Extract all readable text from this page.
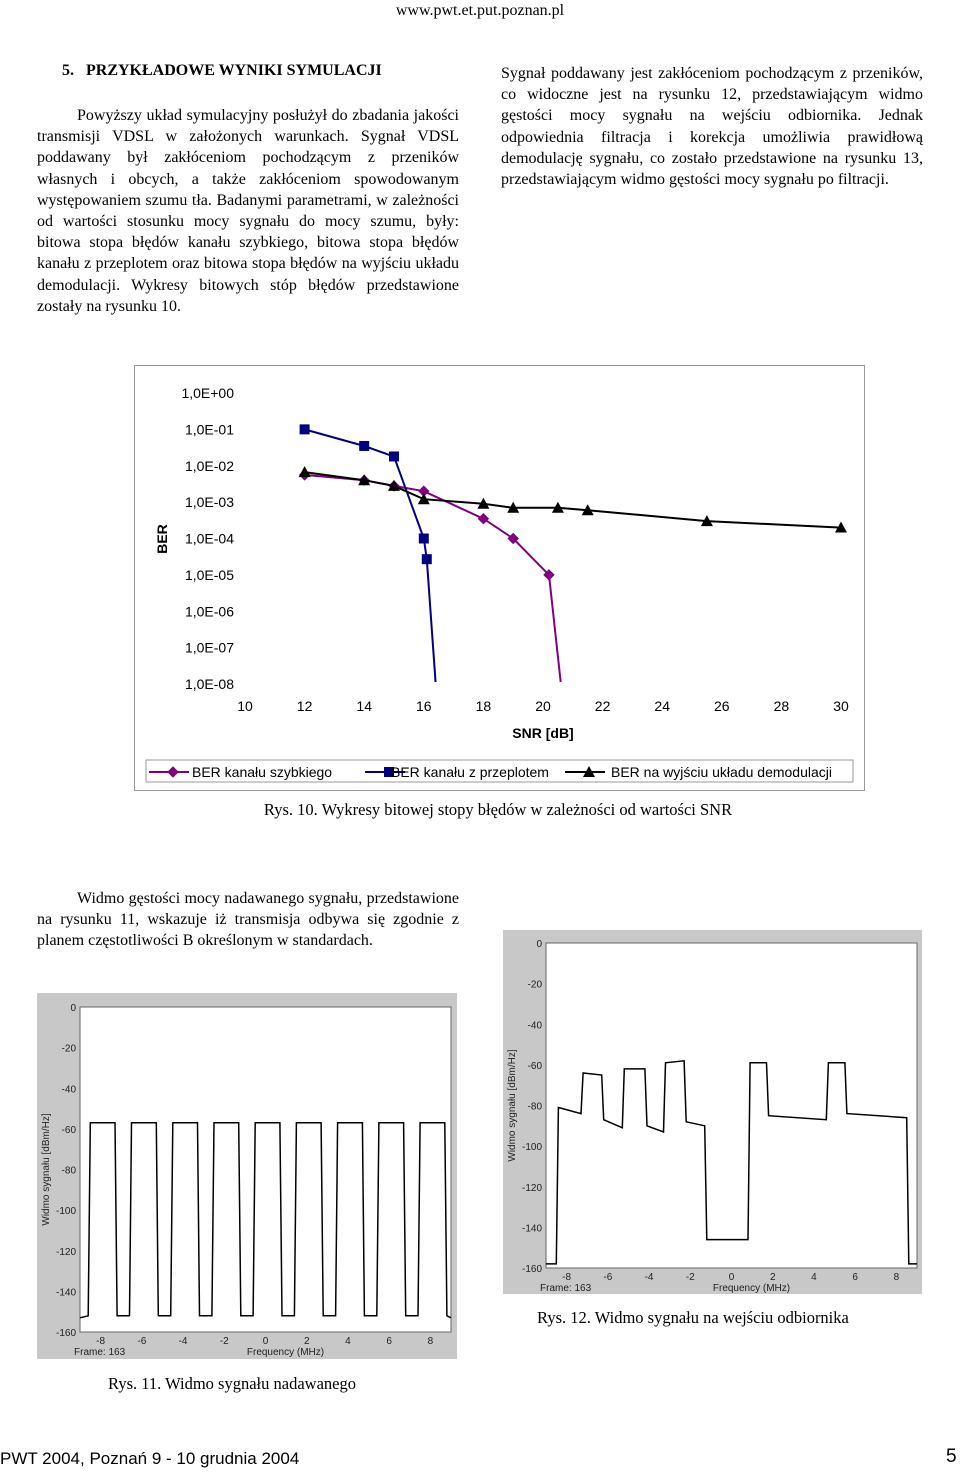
www.pwt.et.put.poznan.pl
5.   PRZYKŁADOWE WYNIKI SYMULACJI
Powyższy układ symulacyjny posłużył do zbadania jakości transmisji VDSL w założonych warunkach. Sygnał VDSL poddawany był zakłóceniom pochodzącym z przeników własnych i obcych, a także zakłóceniom spowodowanym występowaniem szumu tła. Badanymi parametrami, w zależności od wartości stosunku mocy sygnału do mocy szumu, były: bitowa stopa błędów kanału szybkiego, bitowa stopa błędów kanału z przeplotem oraz bitowa stopa błędów na wyjściu układu demodulacji. Wykresy bitowych stóp błędów przedstawione zostały na rysunku 10.
Sygnał poddawany jest zakłóceniom pochodzącym z przeników, co widoczne jest na rysunku 12, przedstawiającym widmo gęstości mocy sygnału na wejściu odbiornika. Jednak odpowiednia filtracja i korekcja umożliwia prawidłową demodulację sygnału, co zostało przedstawione na rysunku 13, przedstawiającym widmo gęstości mocy sygnału po filtracji.
1,0E+00
1,0E-01
1,0E-02
1,0E-03
1,0E-04
1,0E-05
1,0E-06
1,0E-07
1,0E-08
10	12	14	16	18	20	22	24	26	28	30
SNR [dB]
BER
BER kanału szybkiego	BER kanału z przeplotem	BER na wyjściu układu demodulacji
Rys. 10. Wykresy bitowej stopy błędów w zależności od wartości SNR
Widmo gęstości mocy nadawanego sygnału, przedstawione na rysunku 11, wskazuje iż transmisja odbywa się zgodnie z planem częstotliwości B określonym w standardach.
0
-20
-40
-60
-80
-100
-120
-140
-160
-8	-6	-4	-2	0	2	4	6	8
Frequency (MHz)
Frame: 163
Widmo sygnału [dBm/Hz]
Rys. 11. Widmo sygnału nadawanego
0
-20
-40
-60
-80
-100
-120
-140
-160
-8	-6	-4	-2	0	2	4	6	8
Frequency (MHz)
Frame: 163
Widmo sygnału [dBm/Hz]
Rys. 12. Widmo sygnału na wejściu odbiornika
PWT 2004, Poznań 9 - 10 grudnia 2004	5
